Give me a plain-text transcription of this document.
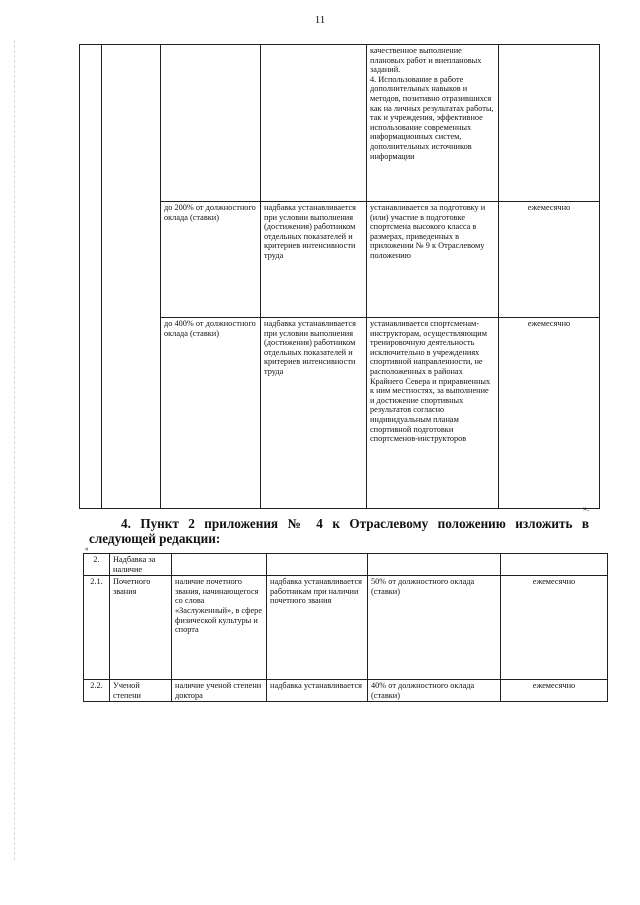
11
				качественное выполнение плановых работ и внеплановых заданий.
4. Использование в работе дополнительных навыков и методов, позитивно отразившихся как на личных результатах работы, так и учреждения, эффективное использование современных информационных систем, дополнительных источников информации	
		до 200% от должностного оклада (ставки)	надбавка устанавливается при условии выполнения (достижения) работником отдельных показателей и критериев интенсивности труда	устанавливается за подготовку и (или) участие в подготовке спортсмена высокого класса в размерах, приведенных в приложении № 9 к Отраслевому положению	ежемесячно
		до 400% от должностного оклада (ставки)	надбавка устанавливается при условии выполнения (достижения) работником отдельных показателей и критериев интенсивности труда	устанавливается спортсменам-инструкторам, осуществляющим тренировочную деятельность исключительно в учреждениях спортивной направленности, не расположенных в районах Крайнего Севера и приравненных к ним местностях, за выполнение и достижение спортивных результатов согласно индивидуальным планам спортивной подготовки спортсменов-инструкторов	ежемесячно
».
4. Пункт 2 приложения № 4 к Отраслевому положению изложить в следующей редакции:
«
2.	Надбавка за наличие				
2.1.	Почетного звания	наличие почетного звания, начинающегося со слова «Заслуженный», в сфере физической культуры и спорта	надбавка устанавливается работникам при наличии почетного звания	50% от должностного оклада (ставки)	ежемесячно
2.2.	Ученой степени	наличие ученой степени доктора	надбавка устанавливается	40% от должностного оклада (ставки)	ежемесячно
